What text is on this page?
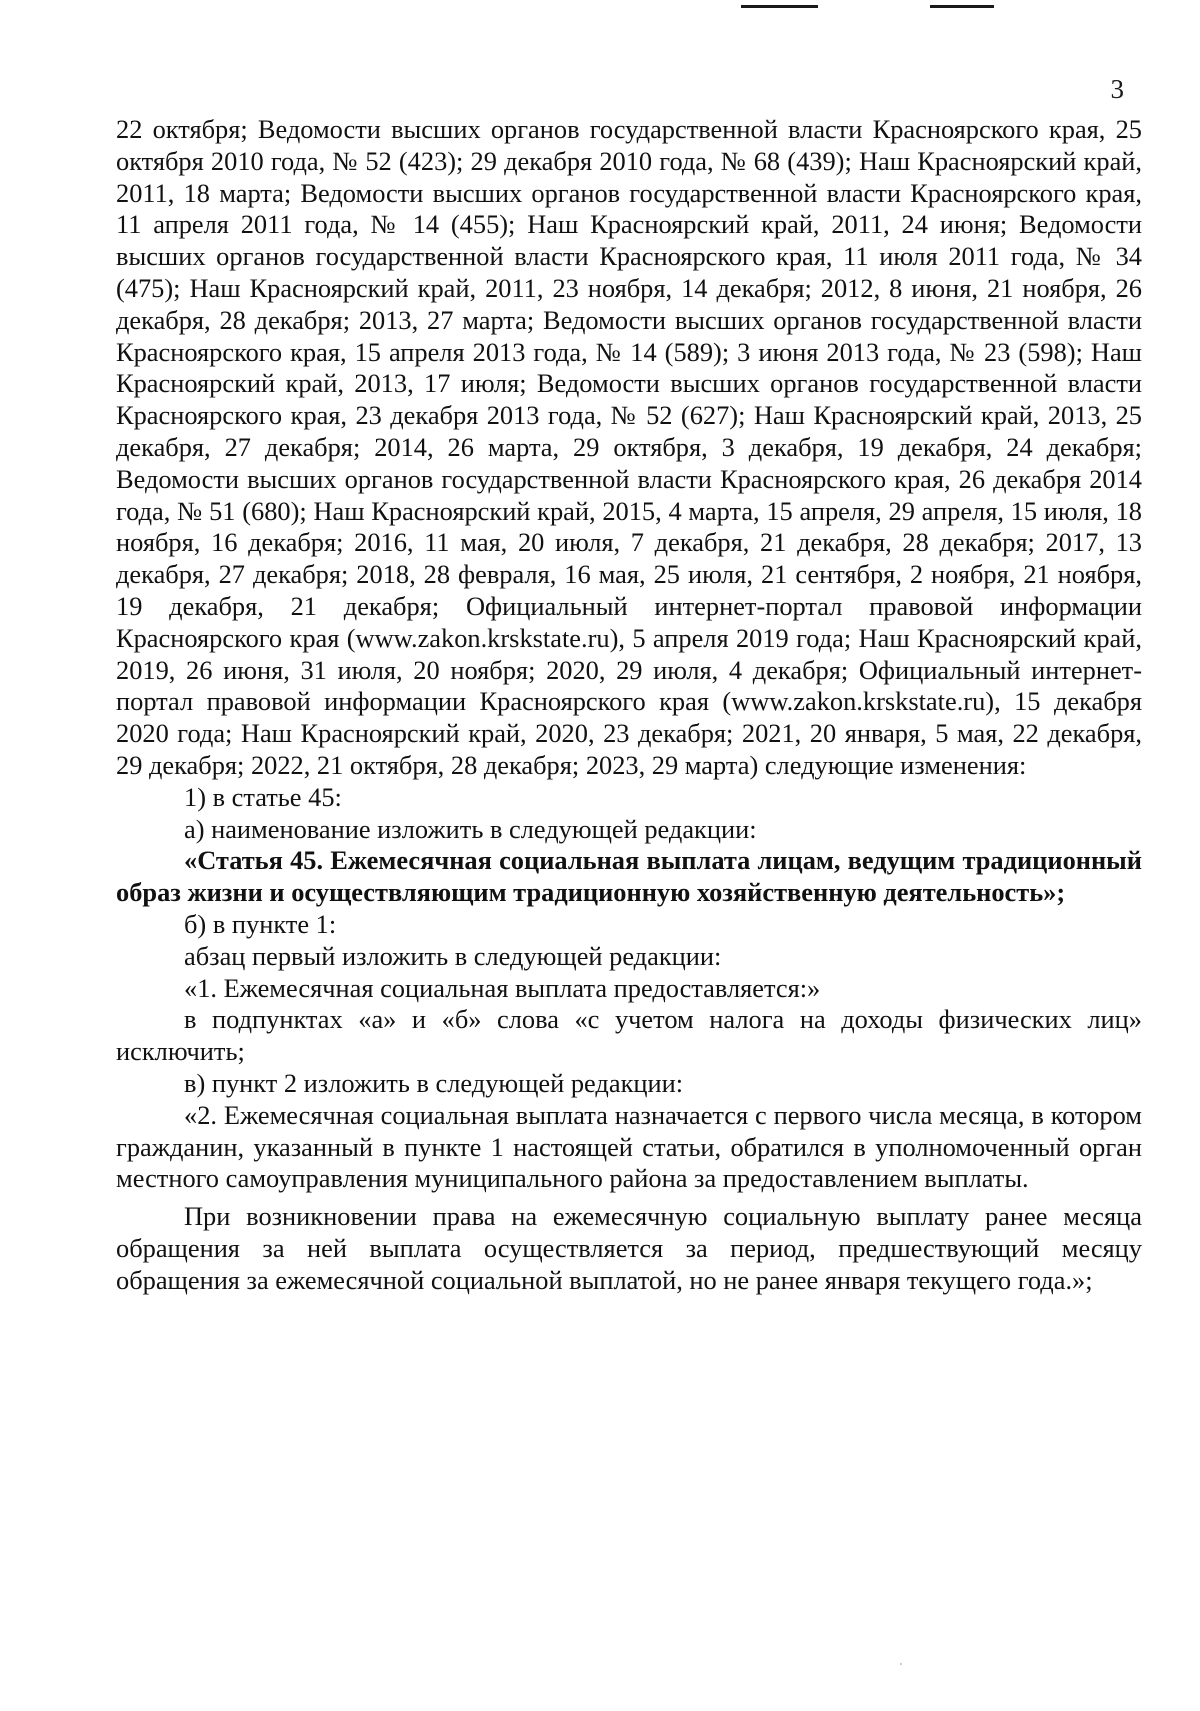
3

22 октября; Ведомости высших органов государственной власти Красноярского края, 25 октября 2010 года, № 52 (423); 29 декабря 2010 года, № 68 (439); Наш Красноярский край, 2011, 18 марта; Ведомости высших органов государственной власти Красноярского края, 11 апреля 2011 года, № 14 (455); Наш Красноярский край, 2011, 24 июня; Ведомости высших органов государственной власти Красноярского края, 11 июля 2011 года, № 34 (475); Наш Красноярский край, 2011, 23 ноября, 14 декабря; 2012, 8 июня, 21 ноября, 26 декабря, 28 декабря; 2013, 27 марта; Ведомости высших органов государственной власти Красноярского края, 15 апреля 2013 года, № 14 (589); 3 июня 2013 года, № 23 (598); Наш Красноярский край, 2013, 17 июля; Ведомости высших органов государственной власти Красноярского края, 23 декабря 2013 года, № 52 (627); Наш Красноярский край, 2013, 25 декабря, 27 декабря; 2014, 26 марта, 29 октября, 3 декабря, 19 декабря, 24 декабря; Ведомости высших органов государственной власти Красноярского края, 26 декабря 2014 года, № 51 (680); Наш Красноярский край, 2015, 4 марта, 15 апреля, 29 апреля, 15 июля, 18 ноября, 16 декабря; 2016, 11 мая, 20 июля, 7 декабря, 21 декабря, 28 декабря; 2017, 13 декабря, 27 декабря; 2018, 28 февраля, 16 мая, 25 июля, 21 сентября, 2 ноября, 21 ноября, 19 декабря, 21 декабря; Официальный интернет-портал правовой информации Красноярского края (www.zakon.krskstate.ru), 5 апреля 2019 года; Наш Красноярский край, 2019, 26 июня, 31 июля, 20 ноября; 2020, 29 июля, 4 декабря; Официальный интернет-портал правовой информации Красноярского края (www.zakon.krskstate.ru), 15 декабря 2020 года; Наш Красноярский край, 2020, 23 декабря; 2021, 20 января, 5 мая, 22 декабря, 29 декабря; 2022, 21 октября, 28 декабря; 2023, 29 марта) следующие изменения:

1) в статье 45:

а) наименование изложить в следующей редакции:

«Статья 45. Ежемесячная социальная выплата лицам, ведущим традиционный образ жизни и осуществляющим традиционную хозяйственную деятельность»;

б) в пункте 1:

абзац первый изложить в следующей редакции:

«1. Ежемесячная социальная выплата предоставляется:»

в подпунктах «а» и «б» слова «с учетом налога на доходы физических лиц» исключить;

в) пункт 2 изложить в следующей редакции:

«2. Ежемесячная социальная выплата назначается с первого числа месяца, в котором гражданин, указанный в пункте 1 настоящей статьи, обратился в уполномоченный орган местного самоуправления муниципального района за предоставлением выплаты.

При возникновении права на ежемесячную социальную выплату ранее месяца обращения за ней выплата осуществляется за период, предшествующий месяцу обращения за ежемесячной социальной выплатой, но не ранее января текущего года.»;
